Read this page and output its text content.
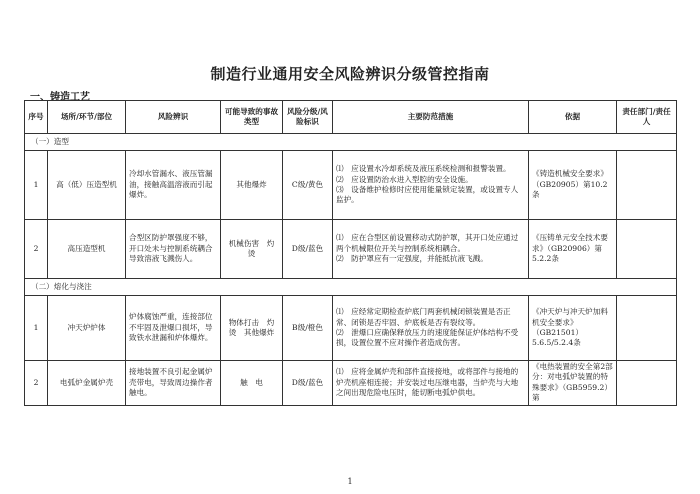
制造行业通用安全风险辨识分级管控指南
一、铸造工艺
序号	场所/环节/部位	风险辨识	可能导致的事故类型	风险分级/风险标识	主要防范措施	依据	责任部门/责任人
（一）造型							
1	高（低）压造型机	冷却水管漏水、液压管漏油，接触高温溶液而引起爆炸。	其他爆炸	C级/黄色	⑴　应设置水冷却系统及液压系统检测和报警装置。
⑵　应设置防治水进入型腔的安全设施。
⑶　设备维护检修时应使用能量锁定装置，或设置专人监护。	《铸造机械安全要求》（GB20905）第10.2条	
2	高压造型机	合型区防护罩强度不够，开口处未与控制系统耦合导致溶液飞溅伤人。	机械伤害　灼　烫	D级/蓝色	⑴　应在合型区前设置移动式防护罩，其开口处应通过两个机械限位开关与控制系统相耦合。
⑵　防护罩应有一定强度，并能抵抗液飞溅。	《压铸单元安全技术要求》（GB20906）第5.2.2条	
（二）熔化与浇注							
1	冲天炉炉体	炉体腐蚀严重，连接部位不牢固及泄爆口损坏，导致铁水泄漏和炉体爆炸。	物体打击　灼　烫　其他爆炸	B级/橙色	⑴　应经常定期检查炉底门两套机械闭锁装置是否正常、闭锁是否牢固、炉底板是否有裂纹等。
⑵　泄爆口应确保释放压力的速度能保证炉体结构不受损，设置位置不应对操作者造成伤害。	《冲天炉与冲天炉加料机安全要求》（GB21501）5.6.5/5.2.4条	
2	电弧炉金属炉壳	接地装置不良引起金属炉壳带电，导致周边操作者触电。	触　电	D级/蓝色	⑴　应将金属炉壳和部件直接接地，或将部件与接地的炉壳机座相连接；并安装过电压继电器，当炉壳与大地之间出现危险电压时，能切断电弧炉供电。	《电热装置的安全第2部分：对电弧炉装置的特殊要求》（GB5959.2）第	
1
